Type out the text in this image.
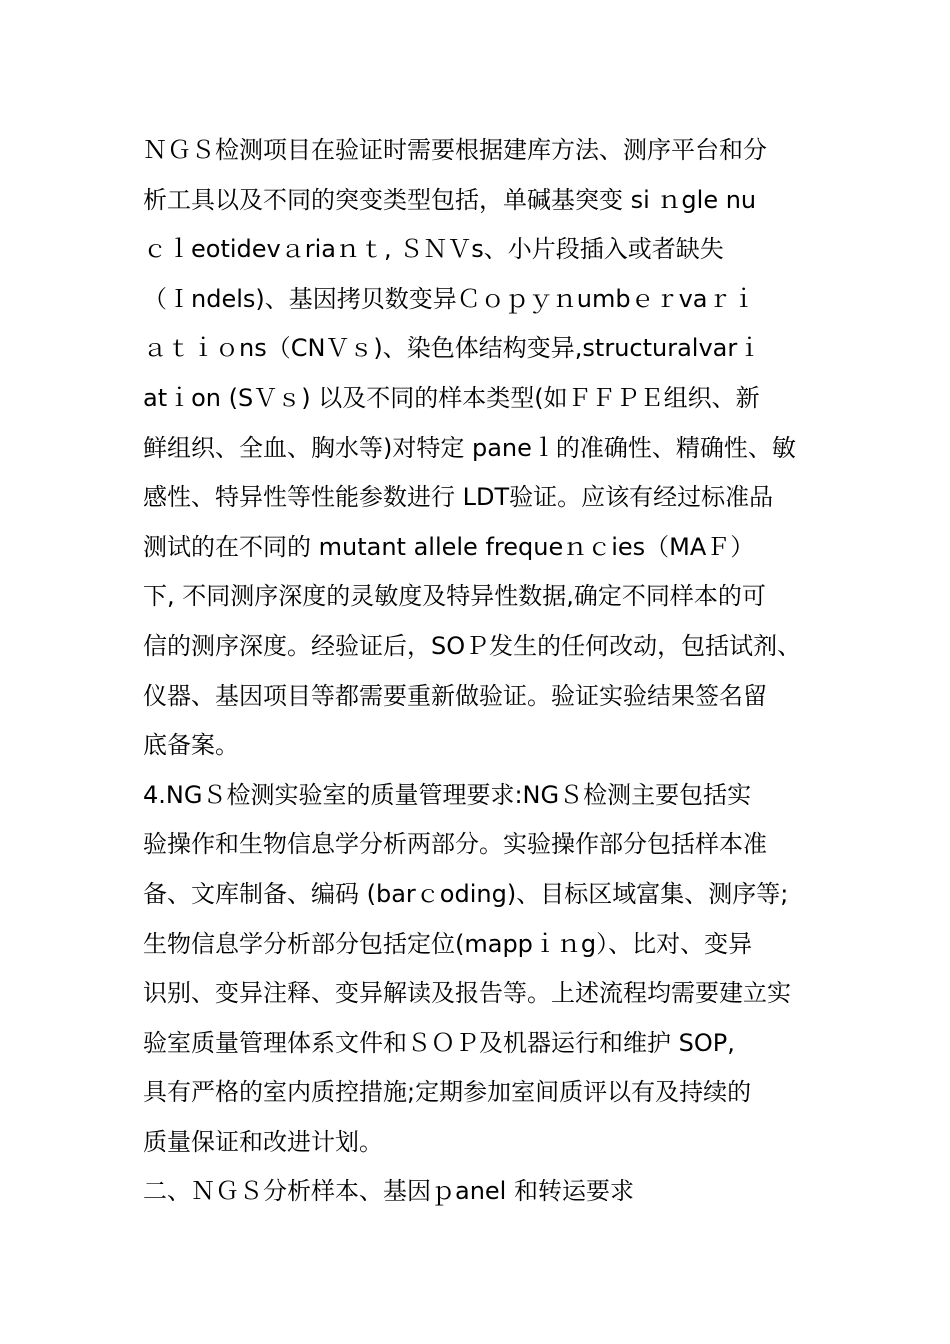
ＮＧＳ检测项目在验证时需要根据建库方法、测序平台和分
析工具以及不同的突变类型包括，单碱基突变 si ｎgle nu
ｃｌeotidevａriaｎｔ, ＳＮＶs、小片段插入或者缺失
（Ｉndels)、基因拷贝数变异Ｃｏｐｙｎumbｅｒvaｒｉ
ａｔｉｏns（CNＶｓ)、染色体结构变异,structuralvarｉ
atｉon (SＶｓ) 以及不同的样本类型(如ＦＦＰＥ组织、新
鲜组织、全血、胸水等)对特定 paneｌ的准确性、精确性、敏
感性、特异性等性能参数进行 LDT验证。应该有经过标准品
测试的在不同的 mutant allele frequeｎｃies（MAＦ）
下, 不同测序深度的灵敏度及特异性数据,确定不同样本的可
信的测序深度。经验证后，SOＰ发生的任何改动，包括试剂、
仪器、基因项目等都需要重新做验证。验证实验结果签名留
底备案。
4.NGＳ检测实验室的质量管理要求:NGＳ检测主要包括实
验操作和生物信息学分析两部分。实验操作部分包括样本准
备、文库制备、编码 (barｃoding)、目标区域富集、测序等;
生物信息学分析部分包括定位(mappｉｎg）、比对、变异
识别、变异注释、变异解读及报告等。上述流程均需要建立实
验室质量管理体系文件和ＳＯＰ及机器运行和维护 SOP,
具有严格的室内质控措施;定期参加室间质评以有及持续的
质量保证和改进计划。
二、ＮＧＳ分析样本、基因ｐanel 和转运要求
